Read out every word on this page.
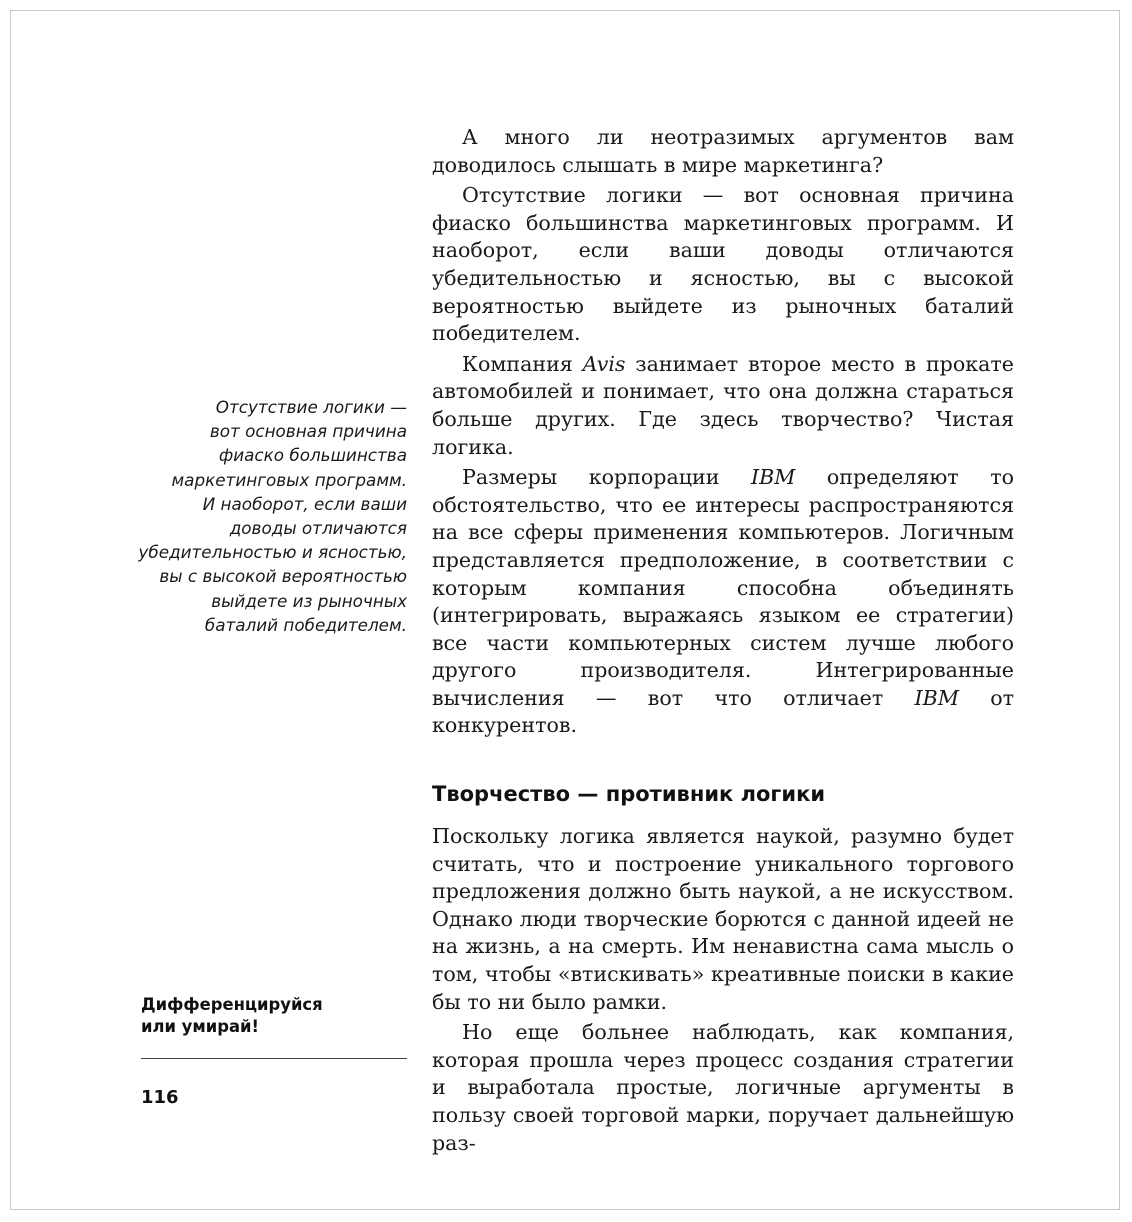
Отсутствие логики —
вот основная причина
фиаско большинства
маркетинговых программ.
И наоборот, если ваши
доводы отличаются
убедительностью и ясностью,
вы с высокой вероятностью
выйдете из рыночных
баталий победителем.
Дифференцируйся
или умирай!
116

А много ли неотразимых аргументов вам доводилось слышать в мире маркетинга?

Отсутствие логики — вот основная причина фиаско большинства маркетинговых программ. И наоборот, если ваши доводы отличаются убедительностью и ясностью, вы с высокой вероятностью выйдете из рыночных баталий победителем.

Компания Avis занимает второе место в прокате автомобилей и понимает, что она должна стараться больше других. Где здесь творчество? Чистая логика.

Размеры корпорации IBM определяют то обстоятельство, что ее интересы распространяются на все сферы применения компьютеров. Логичным представляется предположение, в соответствии с которым компания способна объединять (интегрировать, выражаясь языком ее стратегии) все части компьютерных систем лучше любого другого производителя. Интегрированные вычисления — вот что отличает IBM от конкурентов.

Творчество — противник логики

Поскольку логика является наукой, разумно будет считать, что и построение уникального торгового предложения должно быть наукой, а не искусством. Однако люди творческие борются с данной идеей не на жизнь, а на смерть. Им ненавистна сама мысль о том, чтобы «втискивать» креативные поиски в какие бы то ни было рамки.

Но еще больнее наблюдать, как компания, которая прошла через процесс создания стратегии и выработала простые, логичные аргументы в пользу своей торговой марки, поручает дальнейшую раз-
